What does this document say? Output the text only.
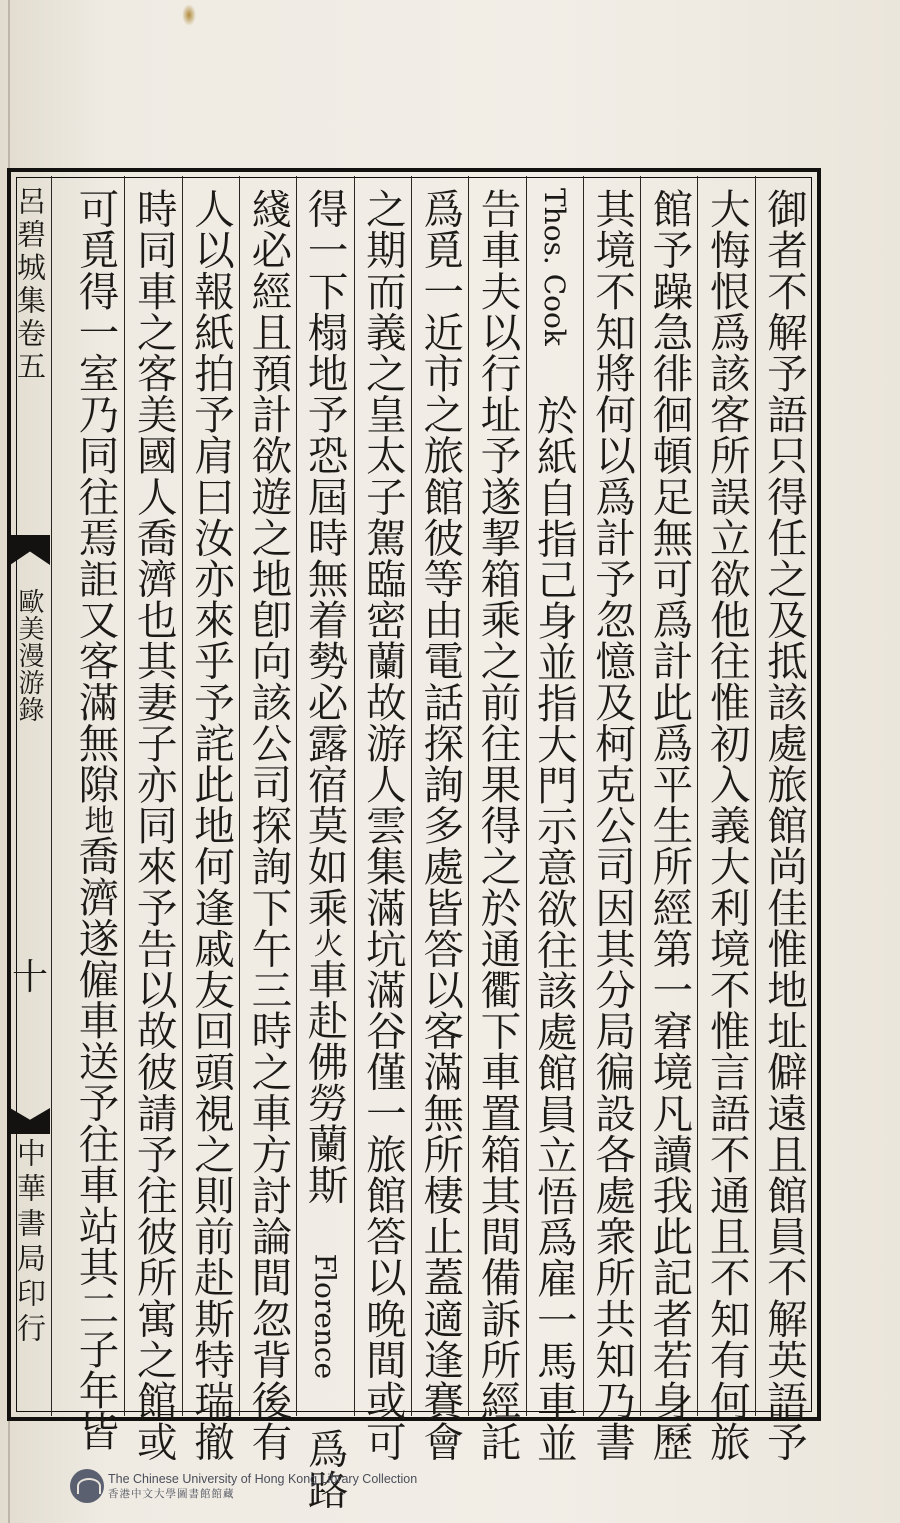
呂碧城集卷五
歐美漫游錄
十
中華書局印行	御者不解予語只得任之及抵該處旅館尚佳惟地址僻遠且館員不解英語予
大悔恨爲該客所誤立欲他往惟初入義大利境不惟言語不通且不知有何旅
館予躁急徘徊頓足無可爲計此爲平生所經第一窘境凡讀我此記者若身歷
其境不知將何以爲計予忽憶及柯克公司因其分局徧設各處衆所共知乃書
Thos. Cook 於紙自指己身並指大門示意欲往該處館員立悟爲雇一馬車並
告車夫以行址予遂挈箱乘之前往果得之於通衢下車置箱其間備訴所經託
爲覓一近市之旅館彼等由電話探詢多處皆答以客滿無所棲止蓋適逢賽會
之期而義之皇太子駕臨密蘭故游人雲集滿坑滿谷僅一旅館答以晚間或可
得一下榻地予恐屆時無着勢必露宿莫如乘火車赴佛勞蘭斯 Florence 爲路
綫必經且預計欲遊之地卽向該公司探詢下午三時之車方討論間忽背後有
人以報紙拍予肩曰汝亦來乎予詫此地何逢戚友回頭視之則前赴斯特瑞撤
時同車之客美國人喬濟也其妻子亦同來予告以故彼請予往彼所寓之館或
可覓得一室乃同往焉詎又客滿無隙地喬濟遂僱車送予往車站其二子年皆
The Chinese University of Hong Kong Library Collection
香港中文大學圖書館館藏
